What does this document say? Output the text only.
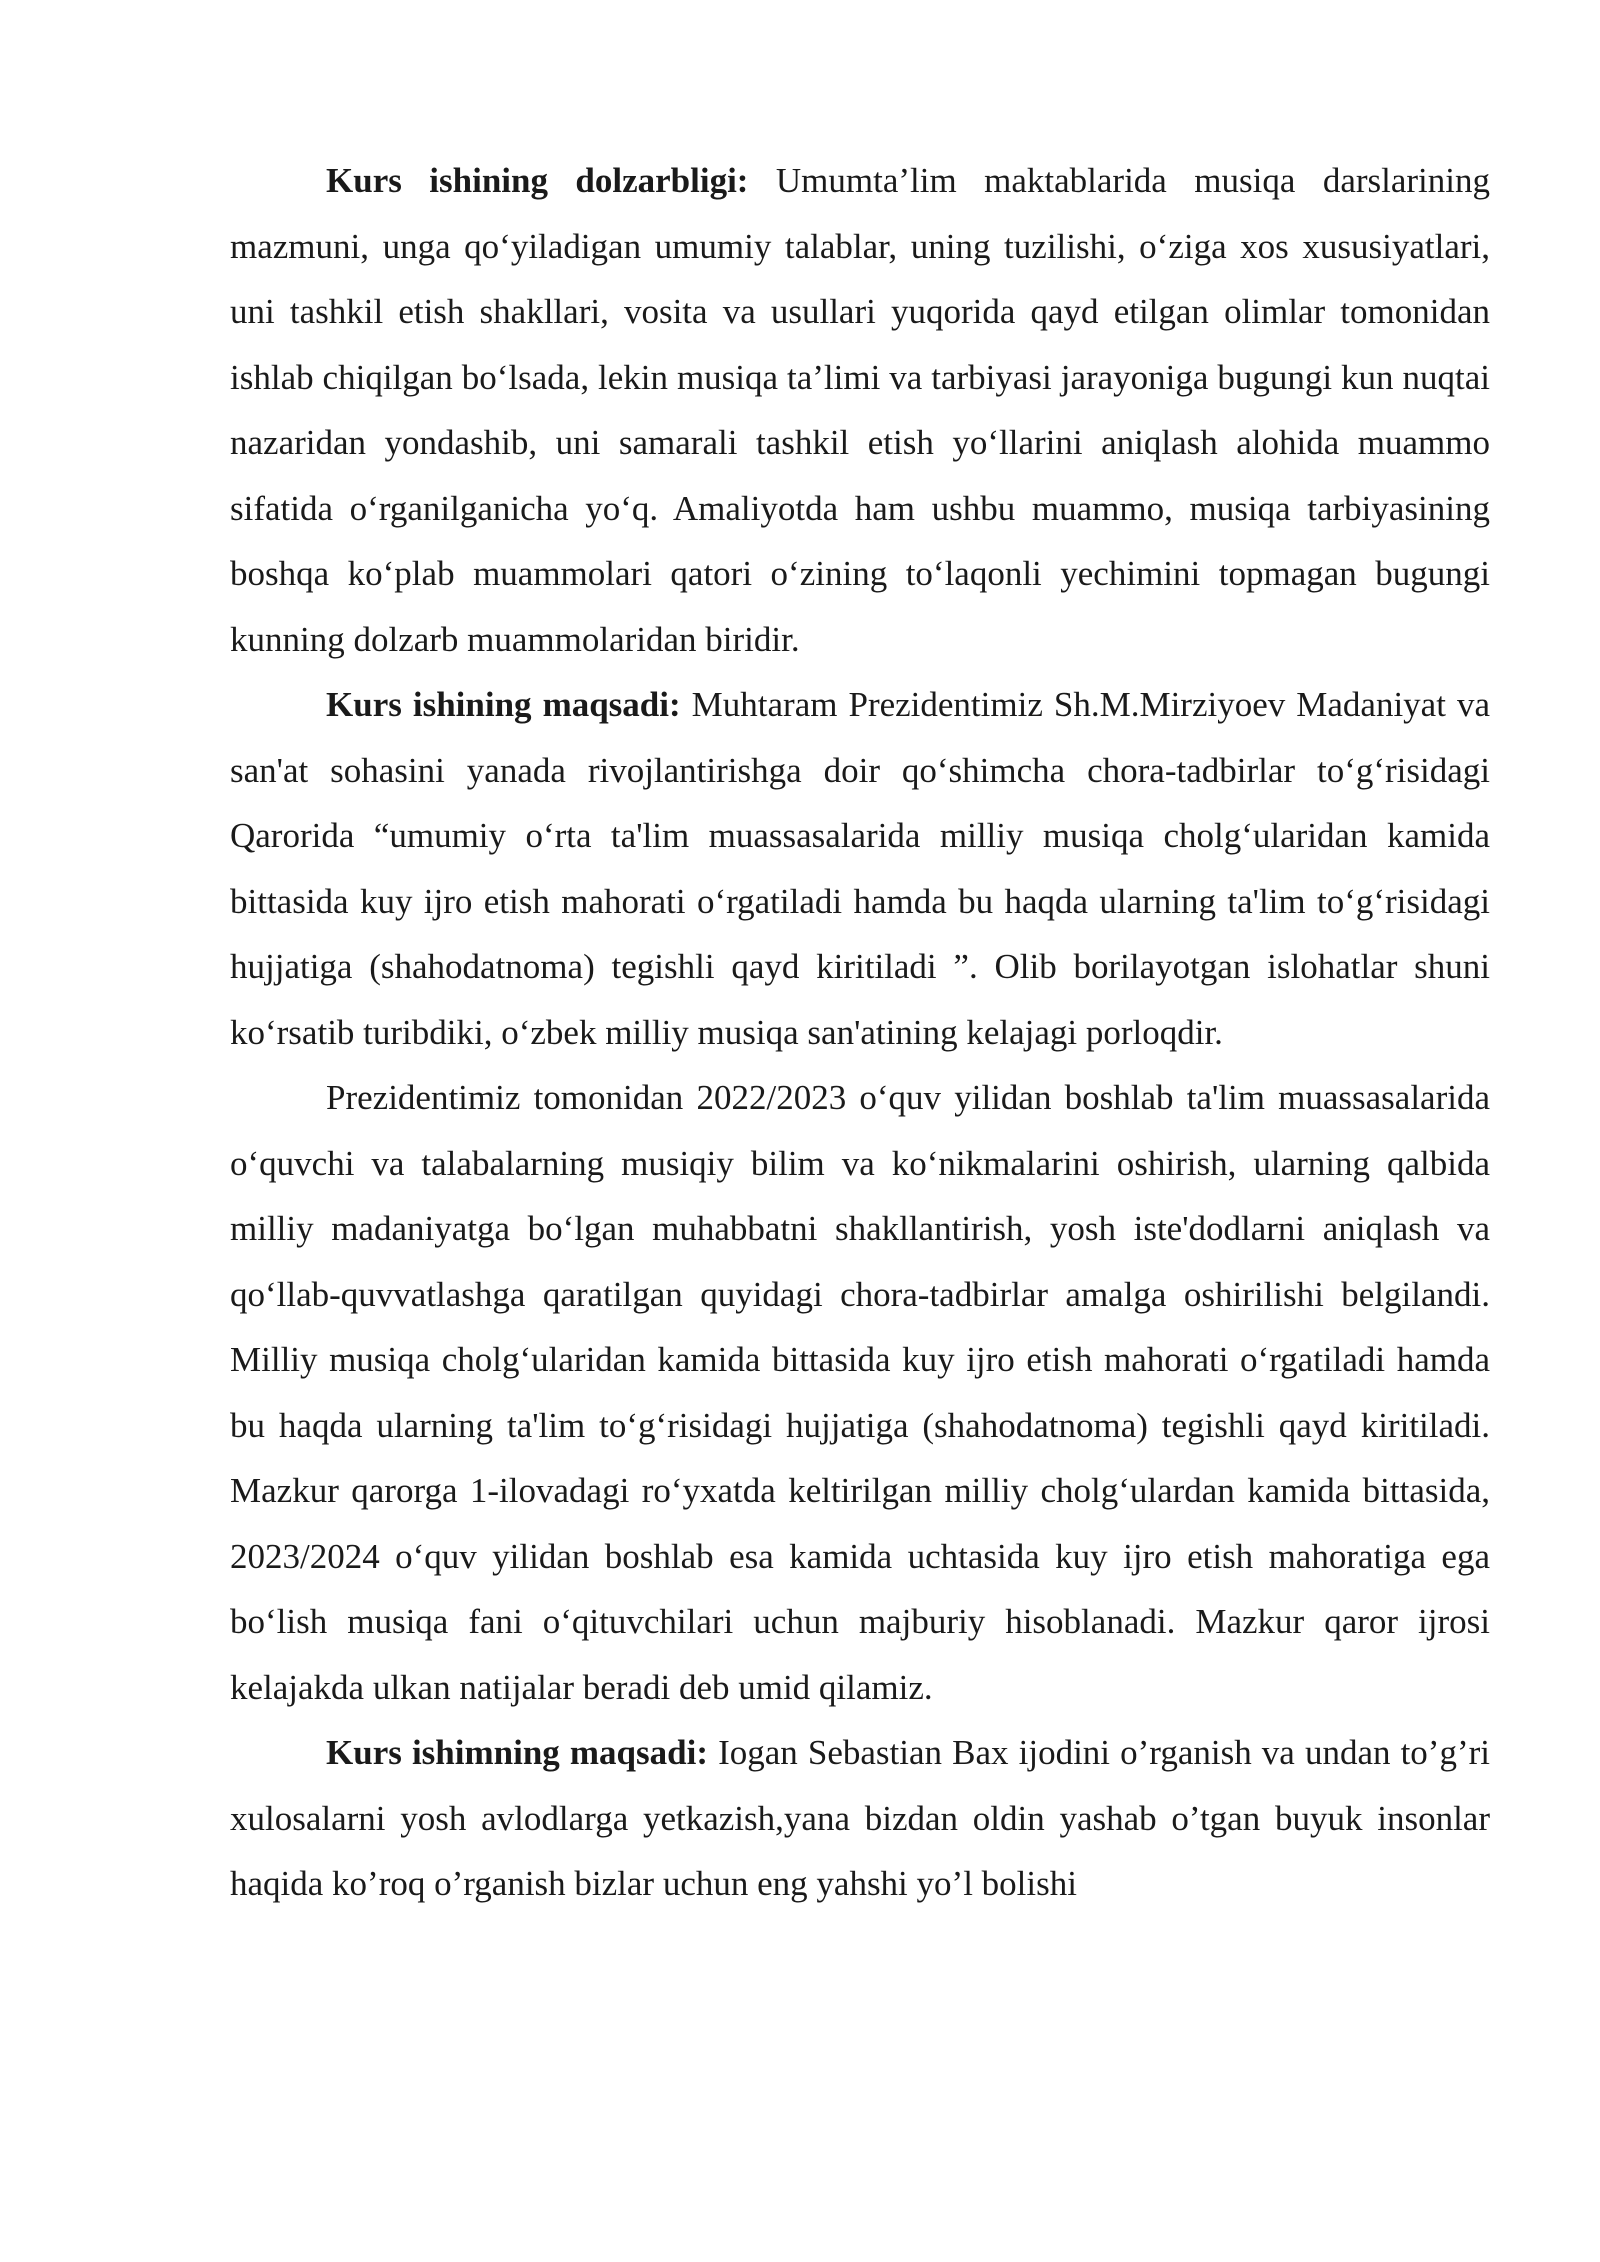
Kurs ishining dolzarbligi: Umumta’lim maktablarida musiqa darslarining mazmuni, unga qo‘yiladigan umumiy talablar, uning tuzilishi, o‘ziga xos xususiyatlari, uni tashkil etish shakllari, vosita va usullari yuqorida qayd etilgan olimlar tomonidan ishlab chiqilgan bo‘lsada, lekin musiqa ta’limi va tarbiyasi jarayoniga bugungi kun nuqtai nazaridan yondashib, uni samarali tashkil etish yo‘llarini aniqlash alohida muammo sifatida o‘rganilganicha yo‘q. Amaliyotda ham ushbu muammo, musiqa tarbiyasining boshqa ko‘plab muammolari qatori o‘zining to‘laqonli yechimini topmagan bugungi kunning dolzarb muammolaridan biridir.

Kurs ishining maqsadi: Muhtaram Prezidentimiz Sh.M.Mirziyoev Madaniyat va san'at sohasini yanada rivojlantirishga doir qo‘shimcha chora-tadbirlar to‘g‘risidagi Qarorida “umumiy o‘rta ta'lim muassasalarida milliy musiqa cholg‘ularidan kamida bittasida kuy ijro etish mahorati o‘rgatiladi hamda bu haqda ularning ta'lim to‘g‘risidagi hujjatiga (shahodatnoma) tegishli qayd kiritiladi ”. Olib borilayotgan islohatlar shuni ko‘rsatib turibdiki, o‘zbek milliy musiqa san'atining kelajagi porloqdir.

Prezidentimiz tomonidan 2022/2023 o‘quv yilidan boshlab ta'lim muassasalarida o‘quvchi va talabalarning musiqiy bilim va ko‘nikmalarini oshirish, ularning qalbida milliy madaniyatga bo‘lgan muhabbatni shakllantirish, yosh iste'dodlarni aniqlash va qo‘llab-quvvatlashga qaratilgan quyidagi chora-tadbirlar amalga oshirilishi belgilandi. Milliy musiqa cholg‘ularidan kamida bittasida kuy ijro etish mahorati o‘rgatiladi hamda bu haqda ularning ta'lim to‘g‘risidagi hujjatiga (shahodatnoma) tegishli qayd kiritiladi. Mazkur qarorga 1-ilovadagi ro‘yxatda keltirilgan milliy cholg‘ulardan kamida bittasida, 2023/2024 o‘quv yilidan boshlab esa kamida uchtasida kuy ijro etish mahoratiga ega bo‘lish musiqa fani o‘qituvchilari uchun majburiy hisoblanadi. Mazkur qaror ijrosi kelajakda ulkan natijalar beradi deb umid qilamiz.

Kurs ishimning maqsadi: Iogan Sebastian Bax ijodini o’rganish va undan to’g’ri xulosalarni yosh avlodlarga yetkazish,yana bizdan oldin yashab o’tgan buyuk insonlar haqida ko’roq o’rganish bizlar uchun eng yahshi yo’l bolishi
